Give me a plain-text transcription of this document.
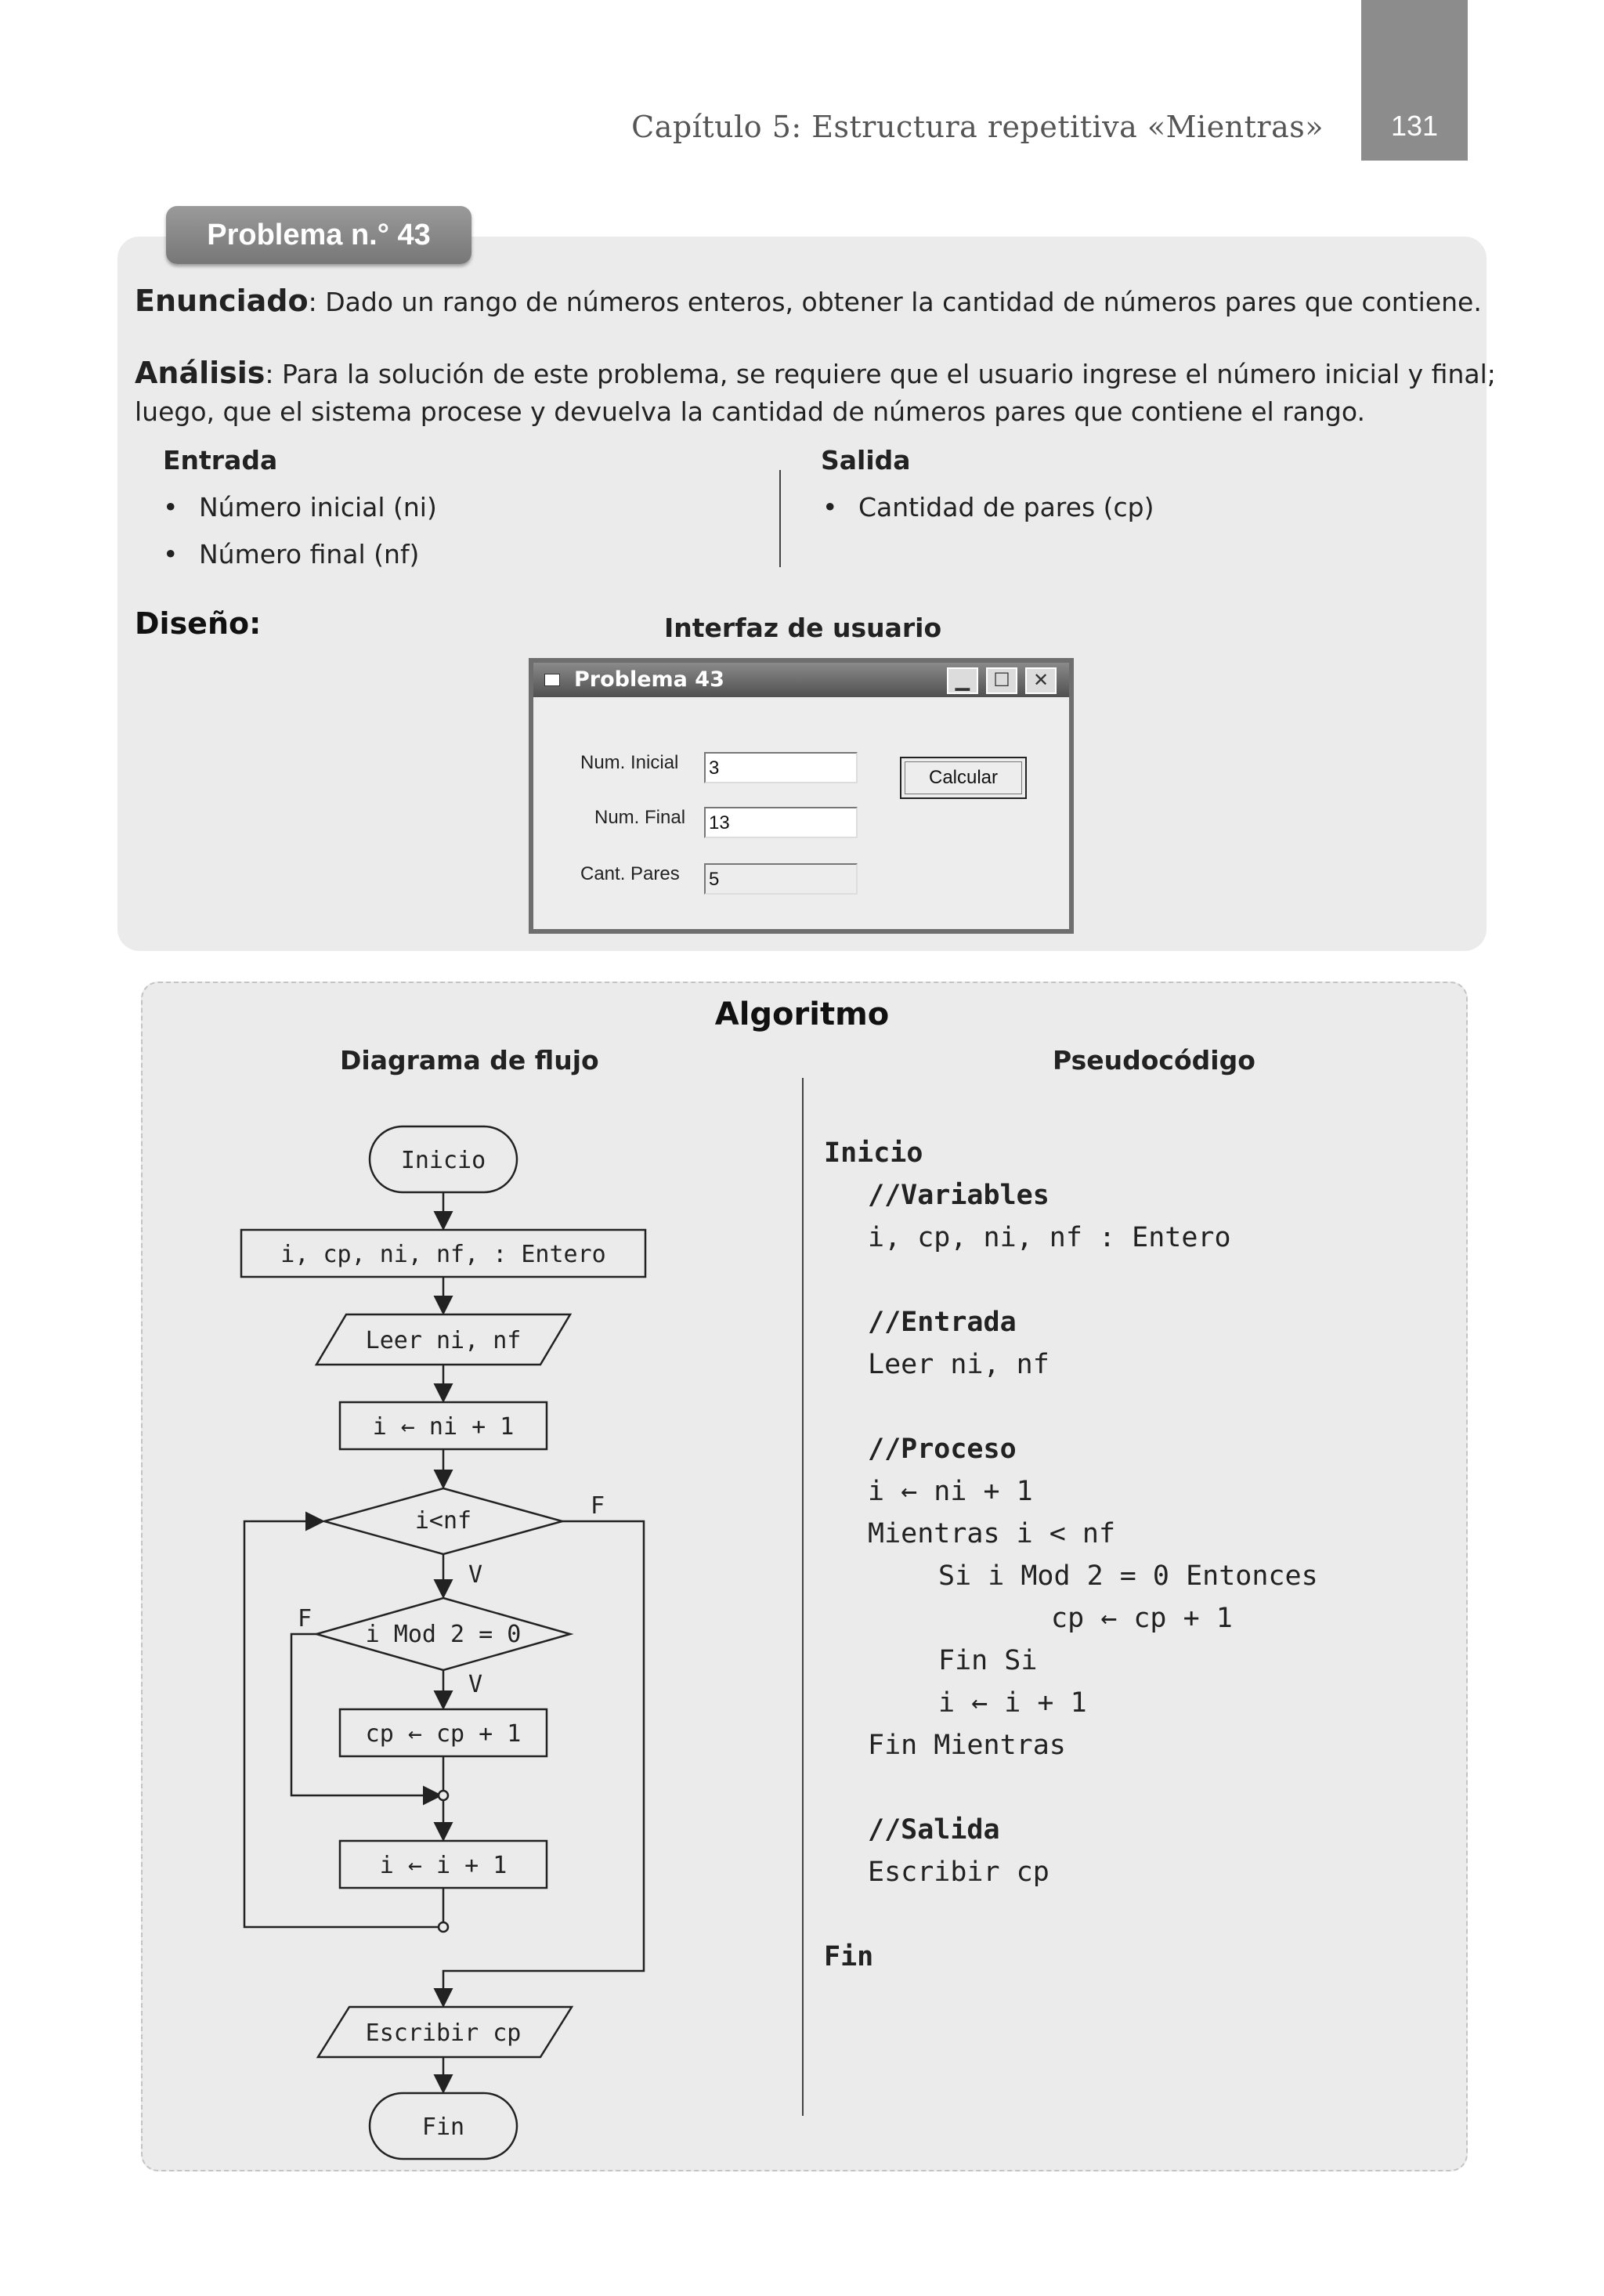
Capítulo 5: Estructura repetitiva «Mientras»	131
Problema n.° 43
Enunciado: Dado un rango de números enteros, obtener la cantidad de números pares que contiene.
Análisis: Para la solución de este problema, se requiere que el usuario ingrese el número inicial y final;
luego, que el sistema procese y devuelva la cantidad de números pares que contiene el rango.
Entrada
• Número inicial (ni)
• Número final (nf)
Salida
• Cantidad de pares (cp)
Diseño:	Interfaz de usuario
Problema 43	▁	☐	✕
Num. Inicial 3
Num. Final 13
Cant. Pares 5
Calcular
Algoritmo
Diagrama de flujo	Pseudocódigo
Inicio
i, cp, ni, nf, : Entero
Leer ni, nf
i ← ni + 1
i<nf
i Mod 2 = 0
cp ← cp + 1
i ← i + 1
Escribir cp
Fin
V
V
F
F
Inicio
//Variables
i, cp, ni, nf : Entero
//Entrada
Leer ni, nf
//Proceso
i ← ni + 1
Mientras i < nf
Si i Mod 2 = 0 Entonces
cp ← cp + 1
Fin Si
i ← i + 1
Fin Mientras
//Salida
Escribir cp
Fin
